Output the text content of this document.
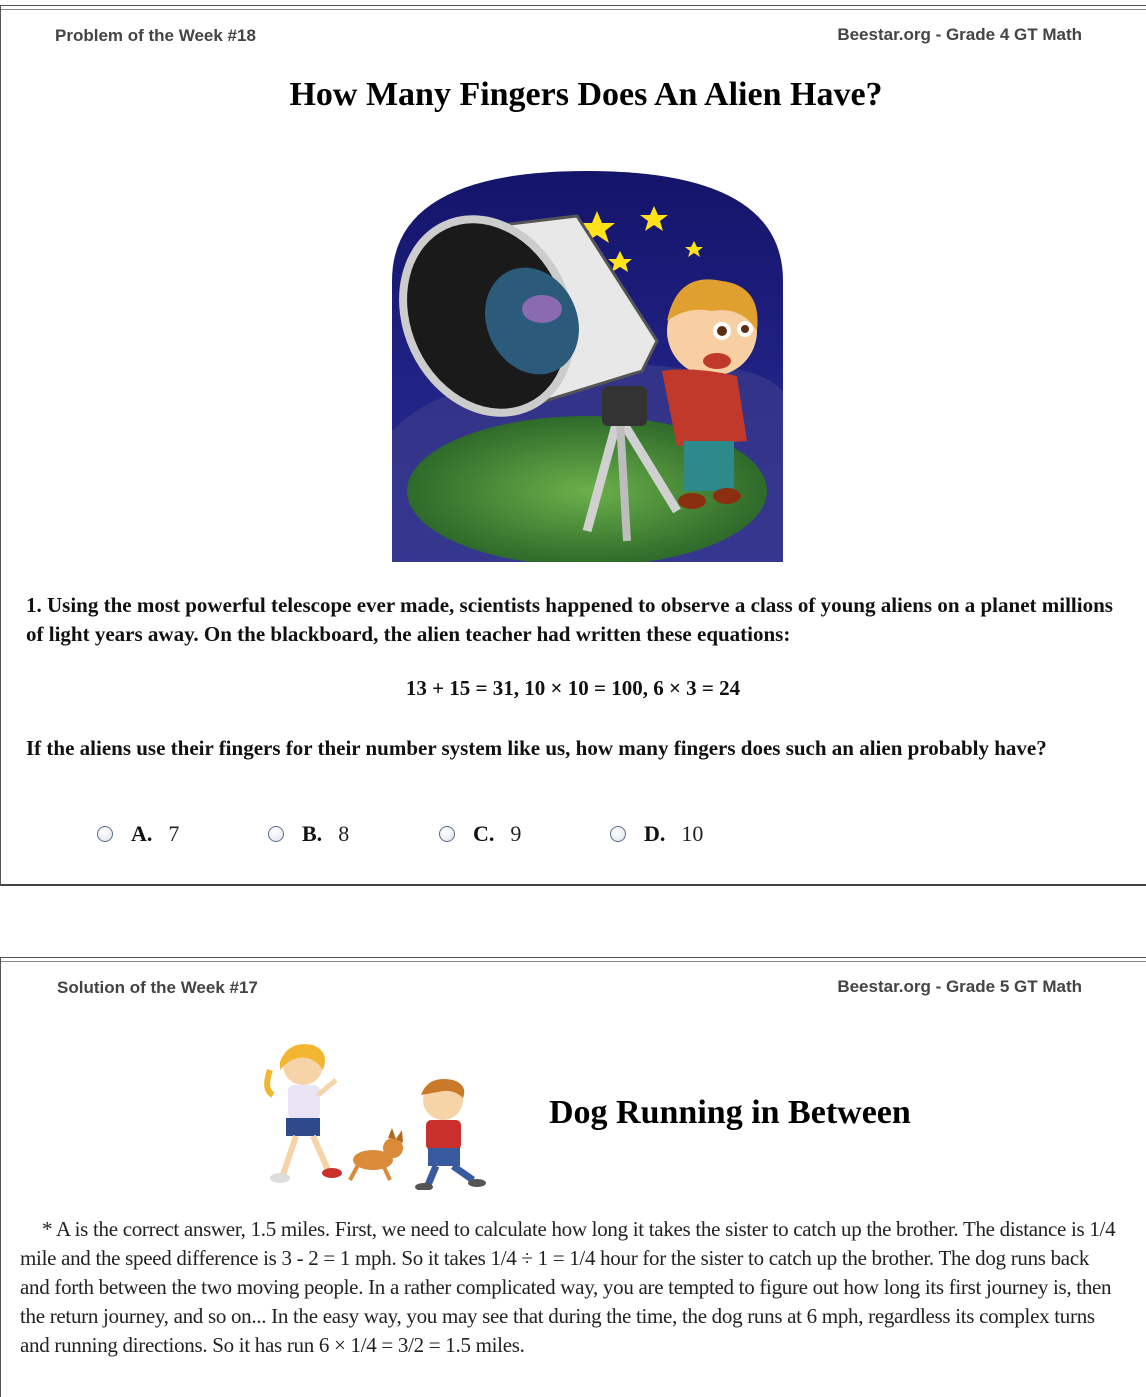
Problem of the Week #18	Beestar.org - Grade 4 GT Math
How Many Fingers Does An Alien Have?
1. Using the most powerful telescope ever made, scientists happened to observe a class of young aliens on a planet millions of light years away. On the blackboard, the alien teacher had written these equations:
13 + 15 = 31, 10 × 10 = 100, 6 × 3 = 24
If the aliens use their fingers for their number system like us, how many fingers does such an alien probably have?
A. 7	B. 8	C. 9	D. 10
Solution of the Week #17	Beestar.org - Grade 5 GT Math
Dog Running in Between
* A is the correct answer, 1.5 miles. First, we need to calculate how long it takes the sister to catch up the brother. The distance is 1/4 mile and the speed difference is 3 - 2 = 1 mph. So it takes 1/4 ÷ 1 = 1/4 hour for the sister to catch up the brother. The dog runs back and forth between the two moving people. In a rather complicated way, you are tempted to figure out how long its first journey is, then the return journey, and so on... In the easy way, you may see that during the time, the dog runs at 6 mph, regardless its complex turns and running directions. So it has run 6 × 1/4 = 3/2 = 1.5 miles.
